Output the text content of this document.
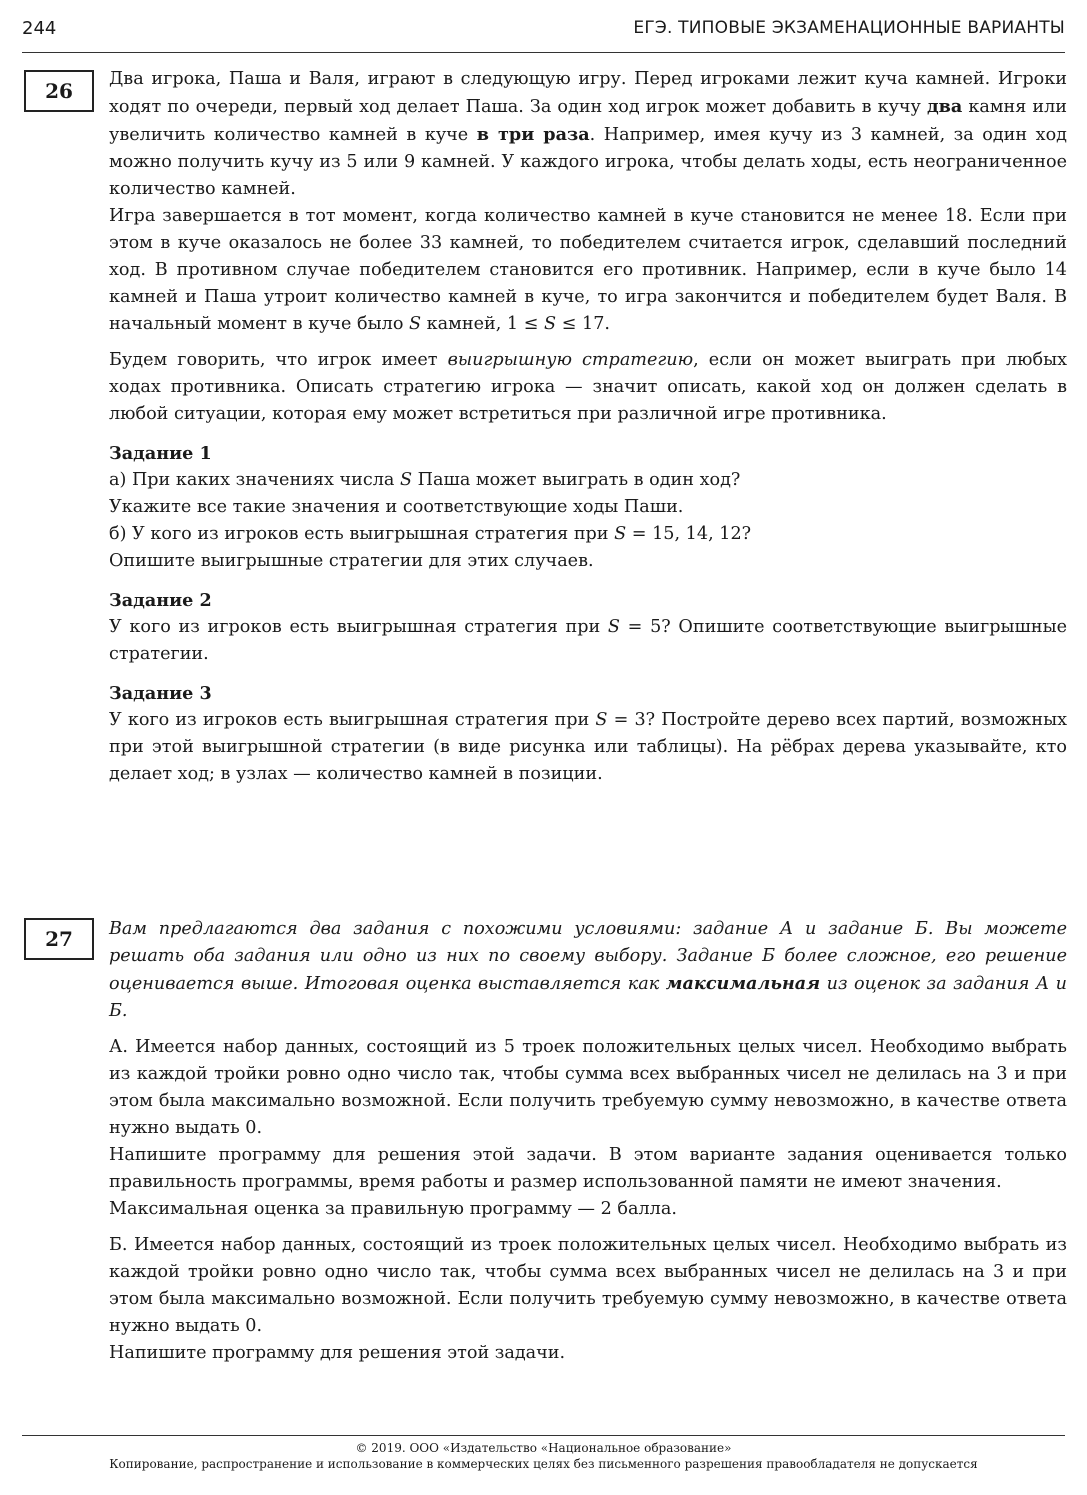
244	ЕГЭ. ТИПОВЫЕ ЭКЗАМЕНАЦИОННЫЕ ВАРИАНТЫ
26	Два игрока, Паша и Валя, играют в следующую игру. Перед игроками лежит куча камней. Игроки ходят по очереди, первый ход делает Паша. За один ход игрок может добавить в кучу два камня или увеличить количество камней в куче в три раза. Например, имея кучу из 3 камней, за один ход можно получить кучу из 5 или 9 камней. У каждого игрока, чтобы делать ходы, есть неограниченное количество камней.

Игра завершается в тот момент, когда количество камней в куче становится не менее 18. Если при этом в куче оказалось не более 33 камней, то победителем считается игрок, сделавший последний ход. В противном случае победителем становится его противник. Например, если в куче было 14 камней и Паша утроит количество камней в куче, то игра закончится и победителем будет Валя. В начальный момент в куче было S камней, 1 ≤ S ≤ 17.

Будем говорить, что игрок имеет выигрышную стратегию, если он может выиграть при любых ходах противника. Описать стратегию игрока — значит описать, какой ход он должен сделать в любой ситуации, которая ему может встретиться при различной игре противника.

Задание 1

а) При каких значениях числа S Паша может выиграть в один ход?

Укажите все такие значения и соответствующие ходы Паши.

б) У кого из игроков есть выигрышная стратегия при S = 15, 14, 12?

Опишите выигрышные стратегии для этих случаев.

Задание 2

У кого из игроков есть выигрышная стратегия при S = 5? Опишите соответствующие выигрышные стратегии.

Задание 3

У кого из игроков есть выигрышная стратегия при S = 3? Постройте дерево всех партий, возможных при этой выигрышной стратегии (в виде рисунка или таблицы). На рёбрах дерева указывайте, кто делает ход; в узлах — количество камней в позиции.

27	Вам предлагаются два задания с похожими условиями: задание А и задание Б. Вы можете решать оба задания или одно из них по своему выбору. Задание Б более сложное, его решение оценивается выше. Итоговая оценка выставляется как максимальная из оценок за задания А и Б.

А. Имеется набор данных, состоящий из 5 троек положительных целых чисел. Необходимо выбрать из каждой тройки ровно одно число так, чтобы сумма всех выбранных чисел не делилась на 3 и при этом была максимально возможной. Если получить требуемую сумму невозможно, в качестве ответа нужно выдать 0.

Напишите программу для решения этой задачи. В этом варианте задания оценивается только правильность программы, время работы и размер использованной памяти не имеют значения.

Максимальная оценка за правильную программу — 2 балла.

Б. Имеется набор данных, состоящий из троек положительных целых чисел. Необходимо выбрать из каждой тройки ровно одно число так, чтобы сумма всех выбранных чисел не делилась на 3 и при этом была максимально возможной. Если получить требуемую сумму невозможно, в качестве ответа нужно выдать 0.

Напишите программу для решения этой задачи.

© 2019. ООО «Издательство «Национальное образование»
Копирование, распространение и использование в коммерческих целях без письменного разрешения правообладателя не допускается
